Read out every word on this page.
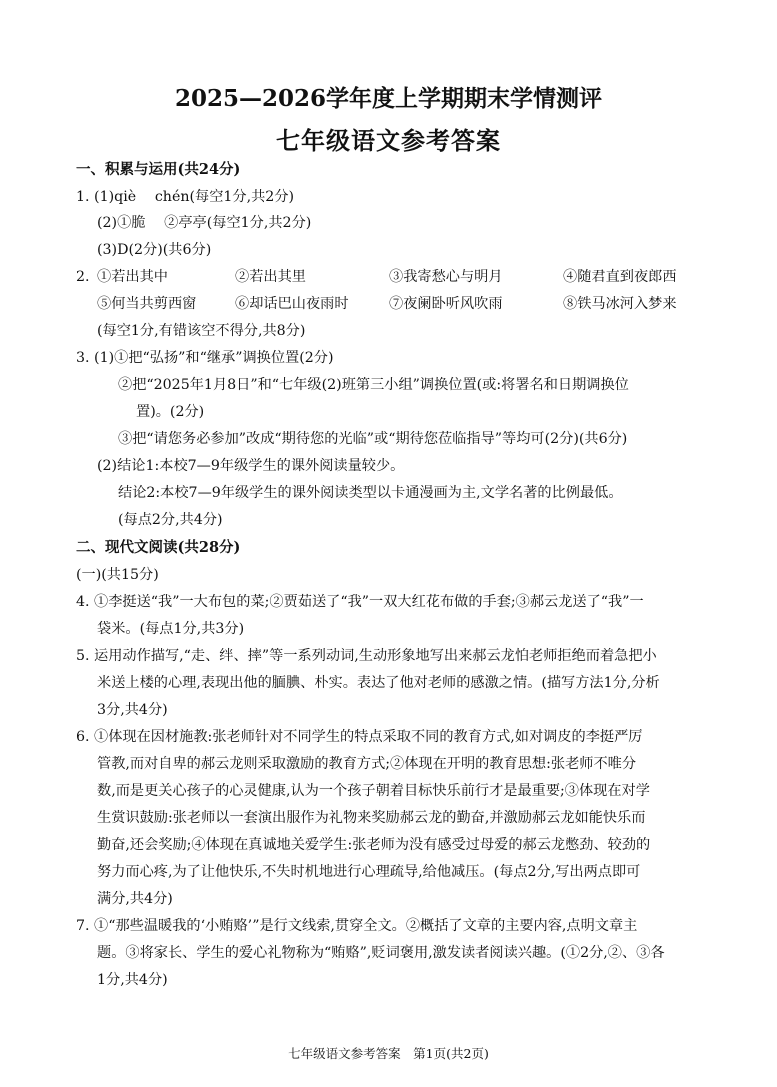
2025—2026学年度上学期期末学情测评
七年级语文参考答案
一、积累与运用(共24分)
1. (1)qiè　 chén(每空1分,共2分)
(2)①脆　 ②亭亭(每空1分,共2分)
(3)D(2分)(共6分)
2. ①若出其中	②若出其里	③我寄愁心与明月	④随君直到夜郎西
⑤何当共剪西窗	⑥却话巴山夜雨时	⑦夜阑卧听风吹雨	⑧铁马冰河入梦来
(每空1分,有错该空不得分,共8分)
3. (1)①把“弘扬”和“继承”调换位置(2分)
②把“2025年1月8日”和“七年级(2)班第三小组”调换位置(或:将署名和日期调换位
置)。(2分)
③把“请您务必参加”改成“期待您的光临”或“期待您莅临指导”等均可(2分)(共6分)
(2)结论1:本校7—9年级学生的课外阅读量较少。
结论2:本校7—9年级学生的课外阅读类型以卡通漫画为主,文学名著的比例最低。
(每点2分,共4分)
二、现代文阅读(共28分)
(一)(共15分)
4. ①李挺送“我”一大布包的菜;②贾茹送了“我”一双大红花布做的手套;③郝云龙送了“我”一
袋米。(每点1分,共3分)
5. 运用动作描写,“走、绊、摔”等一系列动词,生动形象地写出来郝云龙怕老师拒绝而着急把小
米送上楼的心理,表现出他的腼腆、朴实。表达了他对老师的感激之情。(描写方法1分,分析
3分,共4分)
6. ①体现在因材施教:张老师针对不同学生的特点采取不同的教育方式,如对调皮的李挺严厉
管教,而对自卑的郝云龙则采取激励的教育方式;②体现在开明的教育思想:张老师不唯分
数,而是更关心孩子的心灵健康,认为一个孩子朝着目标快乐前行才是最重要;③体现在对学
生赏识鼓励:张老师以一套演出服作为礼物来奖励郝云龙的勤奋,并激励郝云龙如能快乐而
勤奋,还会奖励;④体现在真诚地关爱学生:张老师为没有感受过母爱的郝云龙憋劲、较劲的
努力而心疼,为了让他快乐,不失时机地进行心理疏导,给他减压。(每点2分,写出两点即可
满分,共4分)
7. ①“那些温暖我的‘小贿赂’”是行文线索,贯穿全文。②概括了文章的主要内容,点明文章主
题。③将家长、学生的爱心礼物称为“贿赂”,贬词褒用,激发读者阅读兴趣。(①2分,②、③各
1分,共4分)
七年级语文参考答案　第1页(共2页)
